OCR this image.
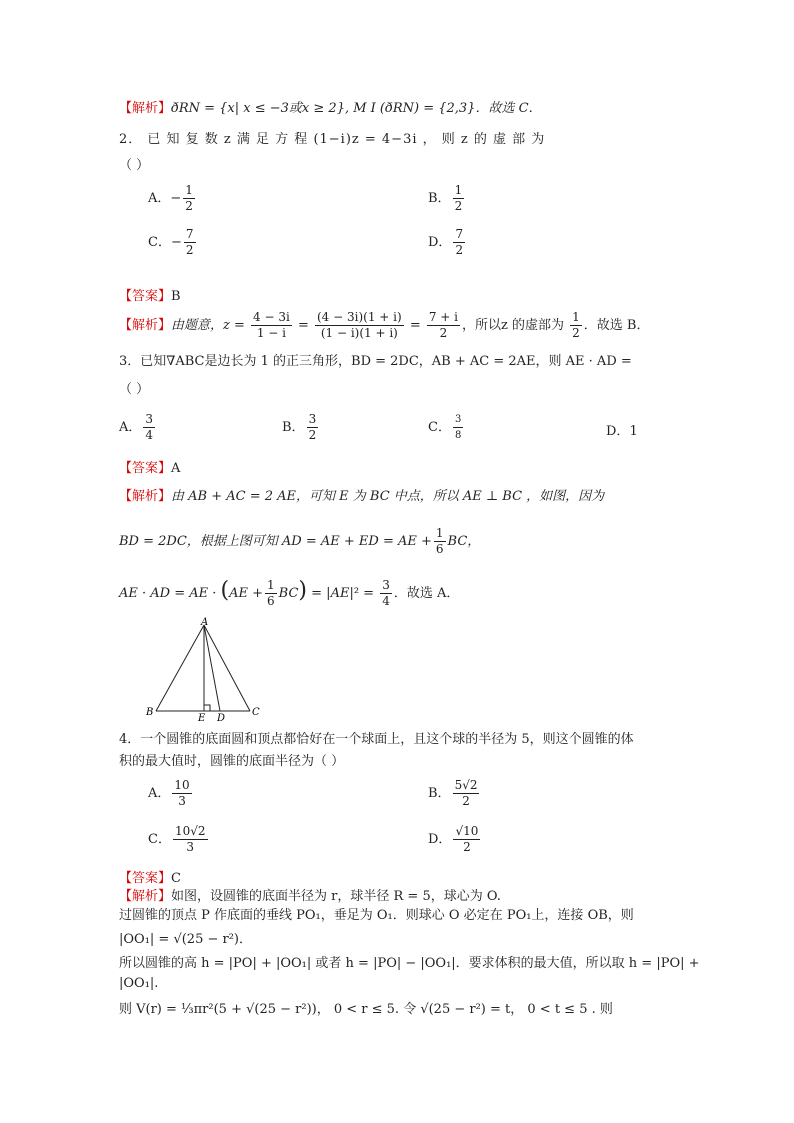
【解析】ðRN = {x| x ≤ −3或x ≥ 2}, M I (ðRN) = {2,3}．故选 C．
2． 已 知 复 数 z 满 足 方 程 (1−i)z = 4−3i ， 则 z 的 虚 部 为
（ ）
A．− $\frac{1}{2}$	B． $\frac{1}{2}$
C．− $\frac{7}{2}$	D． $\frac{7}{2}$
【答案】B
【解析】由题意，$z = \frac{4 - 3i}{1 - i} = \frac{(4 - 3i)(1 + i)}{(1 - i)(1 + i)} = \frac{7 + i}{2}$ ，所以z 的虚部为 $\frac{1}{2}$ ．故选 B．
3．已知∇ABC是边长为 1 的正三角形，BD = 2DC，AB + AC = 2AE，则 AE · AD =
（ ）
A． $\frac{3}{4}$	B． $\frac{3}{2}$	C． $\frac{3}{8}$	D．1
【答案】A
【解析】由 AB + AC = 2 AE，可知 E 为 BC 中点，所以 AE ⊥ BC ，如图，因为
BD = 2DC，根据上图可知 AD = AE + ED = AE + $\frac{1}{6}$ BC，
AE · AD = AE · $(AE + \frac{1}{6} BC) = |AE|^2 = \frac{3}{4}$ ．故选 A．
A
B	C
D
E
4．一个圆锥的底面圆和顶点都恰好在一个球面上，且这个球的半径为 5，则这个圆锥的体
积的最大值时，圆锥的底面半径为（ ）
A． $\frac{10}{3}$	B． $\frac{5√2}{2}$
C． $\frac{10√2}{3}$	D． $\frac{√10}{2}$
【答案】C
【解析】如图，设圆锥的底面半径为 r，球半径 R = 5，球心为 O.
过圆锥的顶点 P 作底面的垂线 PO₁，垂足为 O₁．则球心 O 必定在 PO₁上，连接 OB，则
|OO₁| = √(25 − r²)．
所以圆锥的高 h = |PO| + |OO₁| 或者 h = |PO| − |OO₁|．要求体积的最大值，所以取 h = |PO| +
|OO₁|.
则 V(r) = ⅓πr²(5 + √(25 − r²))， 0 < r ≤ 5. 令 √(25 − r²) = t， 0 < t ≤ 5 . 则
